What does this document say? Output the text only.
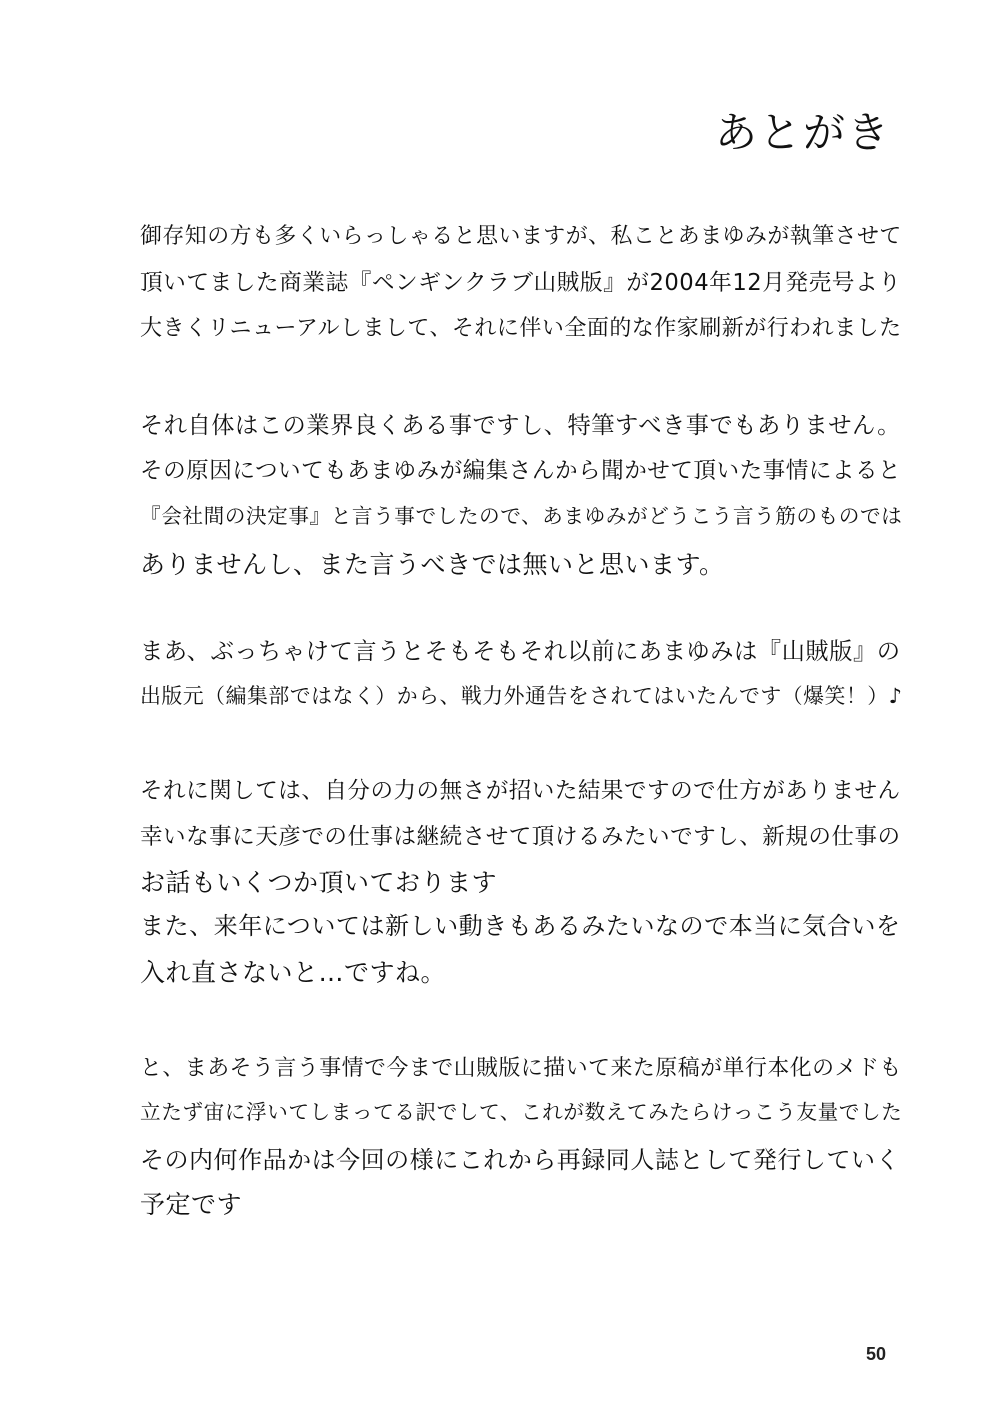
あとがき
御存知の方も多くいらっしゃると思いますが、私ことあまゆみが執筆させて
頂いてました商業誌『ペンギンクラブ山賊版』が2004年12月発売号より
大きくリニューアルしまして、それに伴い全面的な作家刷新が行われました
それ自体はこの業界良くある事ですし、特筆すべき事でもありません。
その原因についてもあまゆみが編集さんから聞かせて頂いた事情によると
『会社間の決定事』と言う事でしたので、あまゆみがどうこう言う筋のものでは
ありませんし、また言うべきでは無いと思います。
まあ、ぶっちゃけて言うとそもそもそれ以前にあまゆみは『山賊版』の
出版元（編集部ではなく）から、戦力外通告をされてはいたんです（爆笑！）♪
それに関しては、自分の力の無さが招いた結果ですので仕方がありません
幸いな事に天彦での仕事は継続させて頂けるみたいですし、新規の仕事の
お話もいくつか頂いております
また、来年については新しい動きもあるみたいなので本当に気合いを
入れ直さないと…ですね。
と、まあそう言う事情で今まで山賊版に描いて来た原稿が単行本化のメドも
立たず宙に浮いてしまってる訳でして、これが数えてみたらけっこう友量でした
その内何作品かは今回の様にこれから再録同人誌として発行していく
予定です
50
